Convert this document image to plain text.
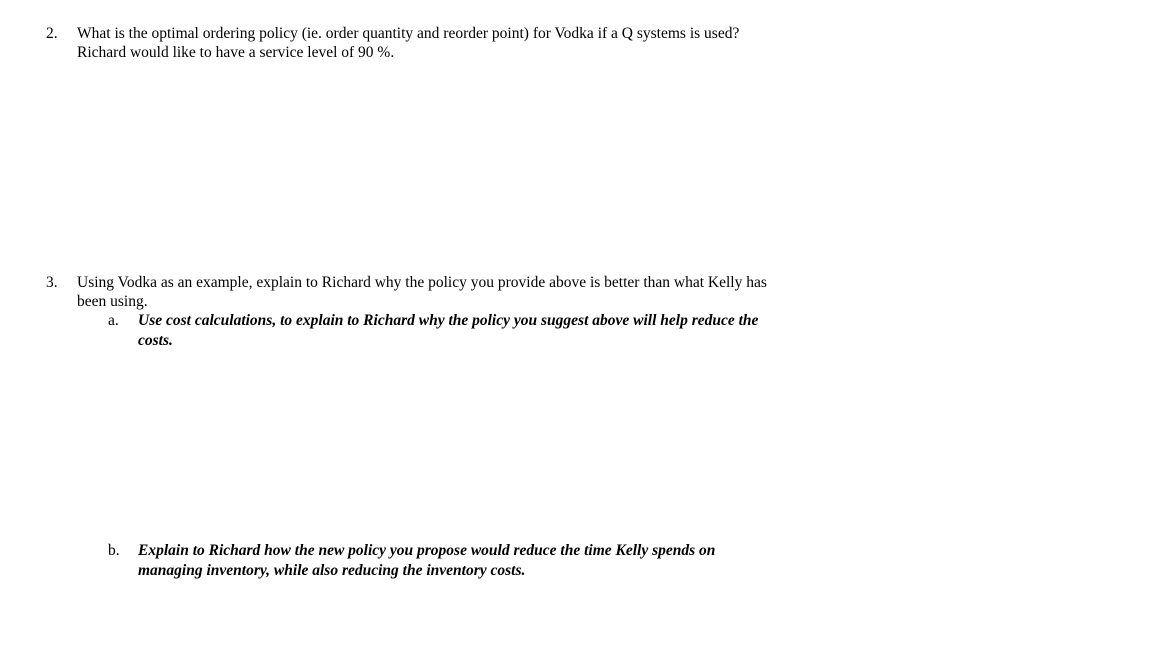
2. What is the optimal ordering policy (ie. order quantity and reorder point) for Vodka if a Q systems is used?
Richard would like to have a service level of 90 %.
3. Using Vodka as an example, explain to Richard why the policy you provide above is better than what Kelly has
been using.
a. Use cost calculations, to explain to Richard why the policy you suggest above will help reduce the
costs.
b. Explain to Richard how the new policy you propose would reduce the time Kelly spends on
managing inventory, while also reducing the inventory costs.
